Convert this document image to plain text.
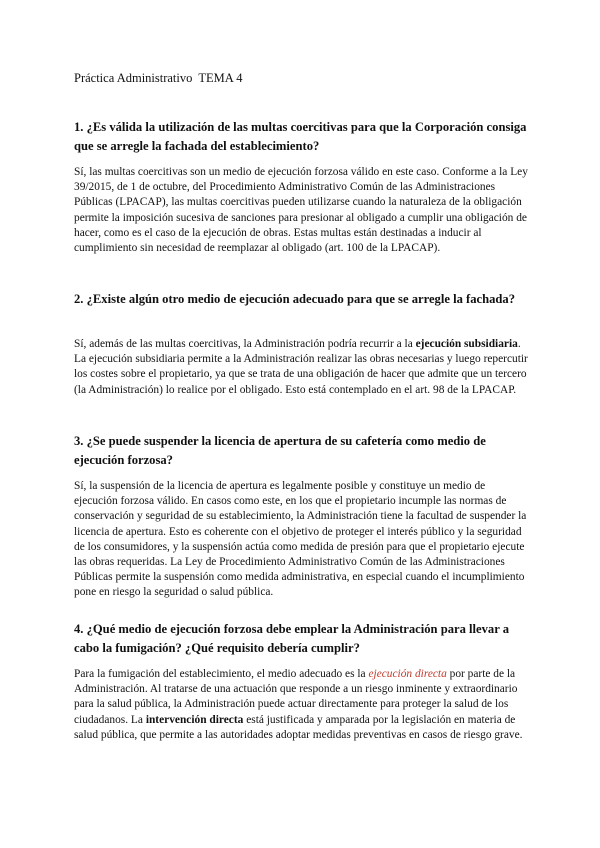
Práctica Administrativo TEMA 4
1. ¿Es válida la utilización de las multas coercitivas para que la Corporación consiga que se arregle la fachada del establecimiento?
Sí, las multas coercitivas son un medio de ejecución forzosa válido en este caso. Conforme a la Ley 39/2015, de 1 de octubre, del Procedimiento Administrativo Común de las Administraciones Públicas (LPACAP), las multas coercitivas pueden utilizarse cuando la naturaleza de la obligación permite la imposición sucesiva de sanciones para presionar al obligado a cumplir una obligación de hacer, como es el caso de la ejecución de obras. Estas multas están destinadas a inducir al cumplimiento sin necesidad de reemplazar al obligado (art. 100 de la LPACAP).
2. ¿Existe algún otro medio de ejecución adecuado para que se arregle la fachada?
Sí, además de las multas coercitivas, la Administración podría recurrir a la ejecución subsidiaria. La ejecución subsidiaria permite a la Administración realizar las obras necesarias y luego repercutir los costes sobre el propietario, ya que se trata de una obligación de hacer que admite que un tercero (la Administración) lo realice por el obligado. Esto está contemplado en el art. 98 de la LPACAP.
3. ¿Se puede suspender la licencia de apertura de su cafetería como medio de ejecución forzosa?
Sí, la suspensión de la licencia de apertura es legalmente posible y constituye un medio de ejecución forzosa válido. En casos como este, en los que el propietario incumple las normas de conservación y seguridad de su establecimiento, la Administración tiene la facultad de suspender la licencia de apertura. Esto es coherente con el objetivo de proteger el interés público y la seguridad de los consumidores, y la suspensión actúa como medida de presión para que el propietario ejecute las obras requeridas. La Ley de Procedimiento Administrativo Común de las Administraciones Públicas permite la suspensión como medida administrativa, en especial cuando el incumplimiento pone en riesgo la seguridad o salud pública.
4. ¿Qué medio de ejecución forzosa debe emplear la Administración para llevar a cabo la fumigación? ¿Qué requisito debería cumplir?
Para la fumigación del establecimiento, el medio adecuado es la ejecución directa por parte de la Administración. Al tratarse de una actuación que responde a un riesgo inminente y extraordinario para la salud pública, la Administración puede actuar directamente para proteger la salud de los ciudadanos. La intervención directa está justificada y amparada por la legislación en materia de salud pública, que permite a las autoridades adoptar medidas preventivas en casos de riesgo grave.
